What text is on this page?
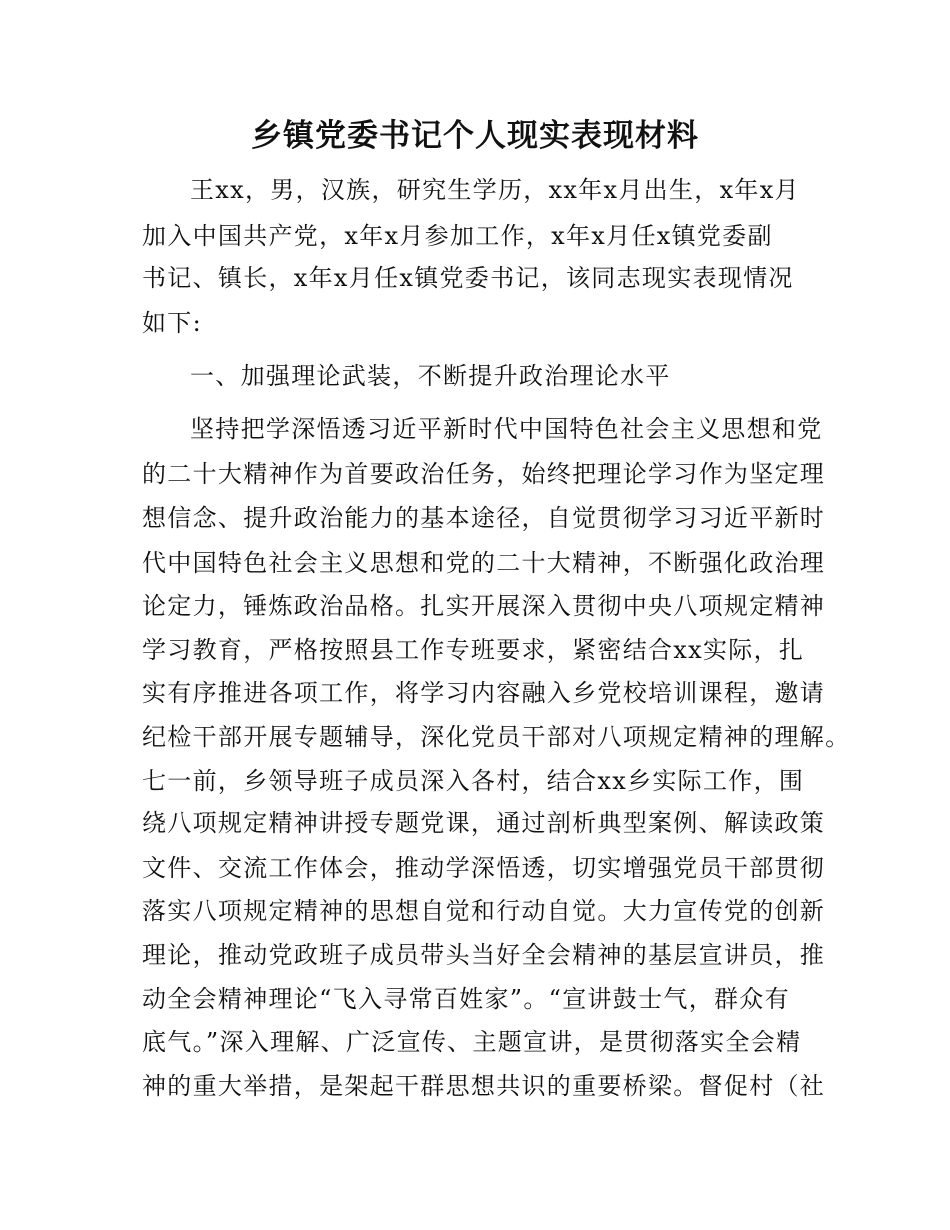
乡镇党委书记个人现实表现材料
王xx，男，汉族，研究生学历，xx年x月出生，x年x月
加入中国共产党，x年x月参加工作，x年x月任x镇党委副
书记、镇长，x年x月任x镇党委书记，该同志现实表现情况
如下:
一、加强理论武装，不断提升政治理论水平
坚持把学深悟透习近平新时代中国特色社会主义思想和党
的二十大精神作为首要政治任务，始终把理论学习作为坚定理
想信念、提升政治能力的基本途径，自觉贯彻学习习近平新时
代中国特色社会主义思想和党的二十大精神，不断强化政治理
论定力，锤炼政治品格。扎实开展深入贯彻中央八项规定精神
学习教育，严格按照县工作专班要求，紧密结合xx实际，扎
实有序推进各项工作，将学习内容融入乡党校培训课程，邀请
纪检干部开展专题辅导，深化党员干部对八项规定精神的理解。
七一前，乡领导班子成员深入各村，结合xx乡实际工作，围
绕八项规定精神讲授专题党课，通过剖析典型案例、解读政策
文件、交流工作体会，推动学深悟透，切实增强党员干部贯彻
落实八项规定精神的思想自觉和行动自觉。大力宣传党的创新
理论，推动党政班子成员带头当好全会精神的基层宣讲员，推
动全会精神理论“飞入寻常百姓家”。“宣讲鼓士气，群众有
底气。”深入理解、广泛宣传、主题宣讲，是贯彻落实全会精
神的重大举措，是架起干群思想共识的重要桥梁。督促村（社
